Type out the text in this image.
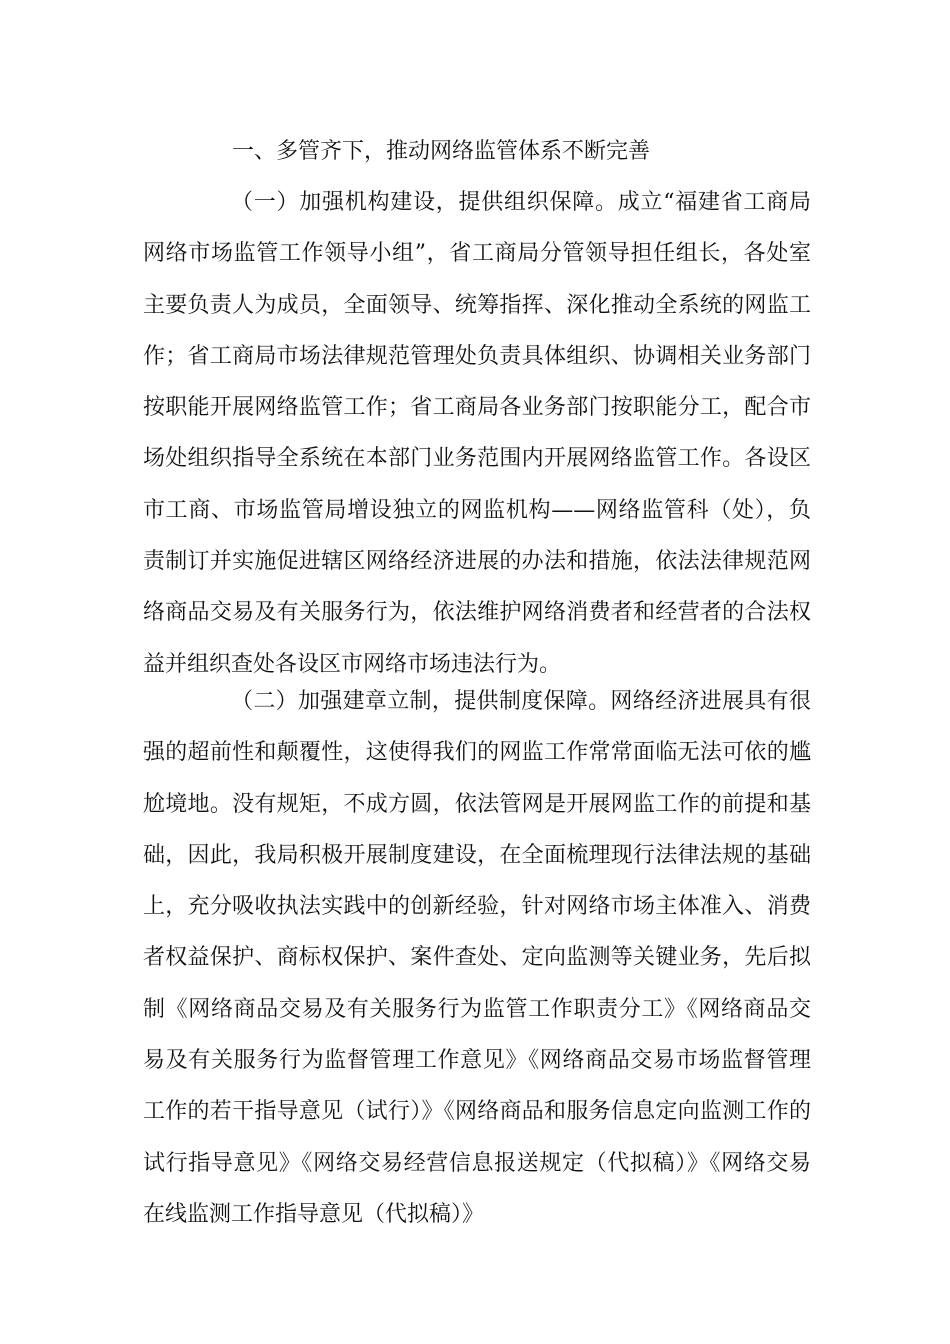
一、多管齐下，推动网络监管体系不断完善

（一）加强机构建设，提供组织保障。成立“福建省工商局网络市场监管工作领导小组”，省工商局分管领导担任组长，各处室主要负责人为成员，全面领导、统筹指挥、深化推动全系统的网监工作；省工商局市场法律规范管理处负责具体组织、协调相关业务部门按职能开展网络监管工作；省工商局各业务部门按职能分工，配合市场处组织指导全系统在本部门业务范围内开展网络监管工作。各设区市工商、市场监管局增设独立的网监机构——网络监管科（处），负责制订并实施促进辖区网络经济进展的办法和措施，依法法律规范网络商品交易及有关服务行为，依法维护网络消费者和经营者的合法权益并组织查处各设区市网络市场违法行为。

（二）加强建章立制，提供制度保障。网络经济进展具有很强的超前性和颠覆性，这使得我们的网监工作常常面临无法可依的尴尬境地。没有规矩，不成方圆，依法管网是开展网监工作的前提和基础，因此，我局积极开展制度建设，在全面梳理现行法律法规的基础上，充分吸收执法实践中的创新经验，针对网络市场主体准入、消费者权益保护、商标权保护、案件查处、定向监测等关键业务，先后拟制《网络商品交易及有关服务行为监管工作职责分工》《网络商品交易及有关服务行为监督管理工作意见》《网络商品交易市场监督管理工作的若干指导意见（试行）》《网络商品和服务信息定向监测工作的试行指导意见》《网络交易经营信息报送规定（代拟稿）》《网络交易在线监测工作指导意见（代拟稿）》
